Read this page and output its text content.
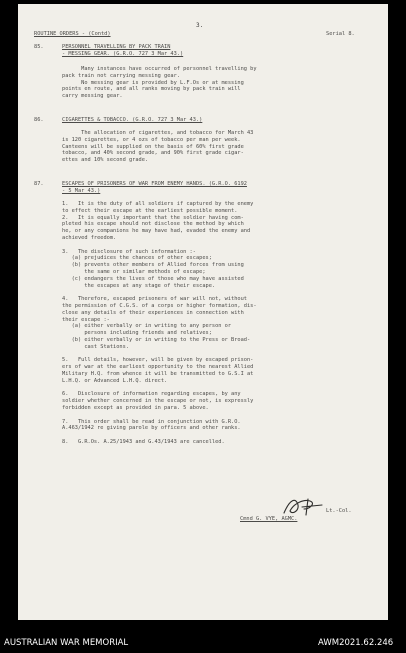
3.
ROUTINE ORDERS - (Contd)	Serial 8.
85.	PERSONNEL TRAVELLING BY PACK TRAIN
- MESSING GEAR. (G.R.O. 727 3 Mar 43.)
Many instances have occurred of personnel travelling by
pack train not carrying messing gear.
No messing gear is provided by L.F.Os or at messing
points en route, and all ranks moving by pack train will
carry messing gear.
86.	CIGARETTES & TOBACCO. (G.R.O. 727 3 Mar 43.)
The allocation of cigarettes, and tobacco for March 43
is 120 cigarettes, or 4 ozs of tobacco per man per week.
Canteens will be supplied on the basis of 60% first grade
tobacco, and 40% second grade, and 90% first grade cigar-
ettes and 10% second grade.
87.	ESCAPES OF PRISONERS OF WAR FROM ENEMY HANDS. (G.R.O. 6192
- 5 Mar 43.)
1.   It is the duty of all soldiers if captured by the enemy
to effect their escape at the earliest possible moment.
2.   It is equally important that the soldier having com-
pleted his escape should not disclose the method by which
he, or any companions he may have had, evaded the enemy and
achieved freedom.
3.   The disclosure of such information :-
(a) prejudices the chances of other escapes;
(b) prevents other members of Allied forces from using
the same or similar methods of escape;
(c) endangers the lives of those who may have assisted
the escapes at any stage of their escape.
4.   Therefore, escaped prisoners of war will not, without
the permission of C.G.S. of a corps or higher formation, dis-
close any details of their experiences in connection with
their escape :-
(a) either verbally or in writing to any person or
persons including friends and relatives;
(b) either verbally or in writing to the Press or Broad-
cast Stations.
5.   Full details, however, will be given by escaped prison-
ers of war at the earliest opportunity to the nearest Allied
Military H.Q. from whence it will be transmitted to G.S.I at
L.H.Q. or Advanced L.H.Q. direct.
6.   Disclosure of information regarding escapes, by any
soldier whether concerned in the escape or not, is expressly
forbidden except as provided in para. 5 above.
7.   This order shall be read in conjunction with G.R.O.
A.463/1942 re giving parole by officers and other ranks.
8.   G.R.Os. A.25/1943 and G.43/1943 are cancelled.
Cmnd G. VYE, AGMC.
Lt.-Col.
AUSTRALIAN WAR MEMORIAL	AWM2021.62.246
